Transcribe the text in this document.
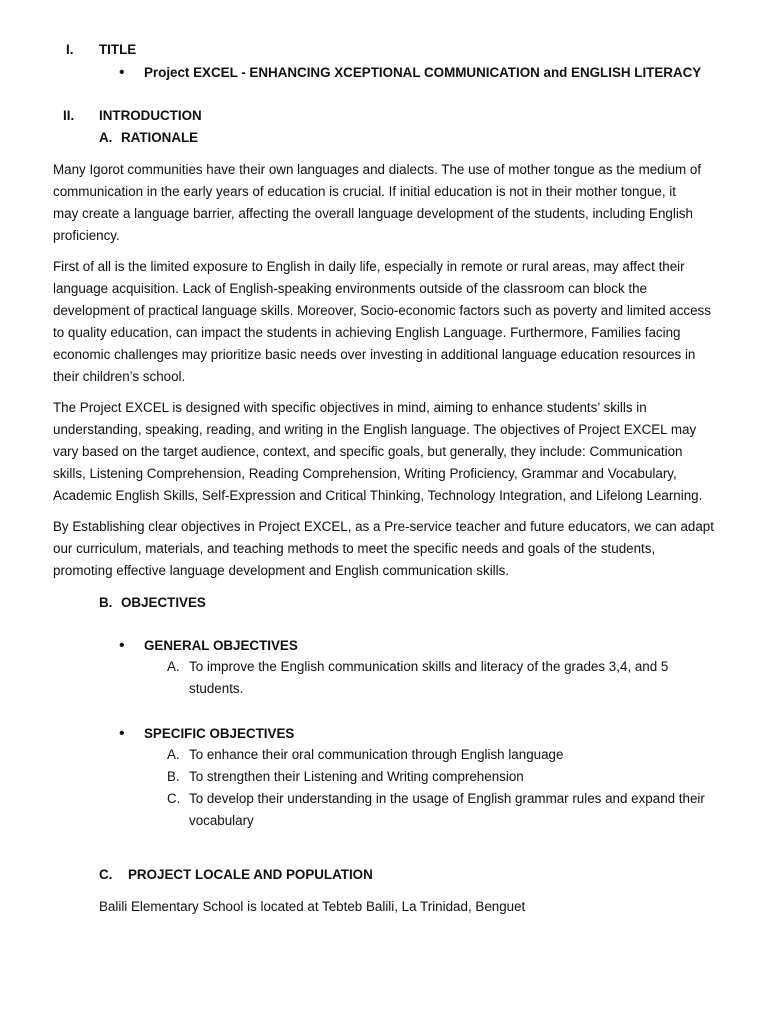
I. TITLE
• Project EXCEL - ENHANCING XCEPTIONAL COMMUNICATION and ENGLISH LITERACY
II. INTRODUCTION
A. RATIONALE
Many Igorot communities have their own languages and dialects. The use of mother tongue as the medium of
communication in the early years of education is crucial. If initial education is not in their mother tongue, it
may create a language barrier, affecting the overall language development of the students, including English
proficiency.
First of all is the limited exposure to English in daily life, especially in remote or rural areas, may affect their
language acquisition. Lack of English-speaking environments outside of the classroom can block the
development of practical language skills. Moreover, Socio-economic factors such as poverty and limited access
to quality education, can impact the students in achieving English Language. Furthermore, Families facing
economic challenges may prioritize basic needs over investing in additional language education resources in
their children’s school.
The Project EXCEL is designed with specific objectives in mind, aiming to enhance students’ skills in
understanding, speaking, reading, and writing in the English language. The objectives of Project EXCEL may
vary based on the target audience, context, and specific goals, but generally, they include: Communication
skills, Listening Comprehension, Reading Comprehension, Writing Proficiency, Grammar and Vocabulary,
Academic English Skills, Self-Expression and Critical Thinking, Technology Integration, and Lifelong Learning.
By Establishing clear objectives in Project EXCEL, as a Pre-service teacher and future educators, we can adapt
our curriculum, materials, and teaching methods to meet the specific needs and goals of the students,
promoting effective language development and English communication skills.
B. OBJECTIVES
• GENERAL OBJECTIVES
A. To improve the English communication skills and literacy of the grades 3,4, and 5
students.
• SPECIFIC OBJECTIVES
A. To enhance their oral communication through English language
B. To strengthen their Listening and Writing comprehension
C. To develop their understanding in the usage of English grammar rules and expand their
vocabulary
C. PROJECT LOCALE AND POPULATION
Balili Elementary School is located at Tebteb Balili, La Trinidad, Benguet
